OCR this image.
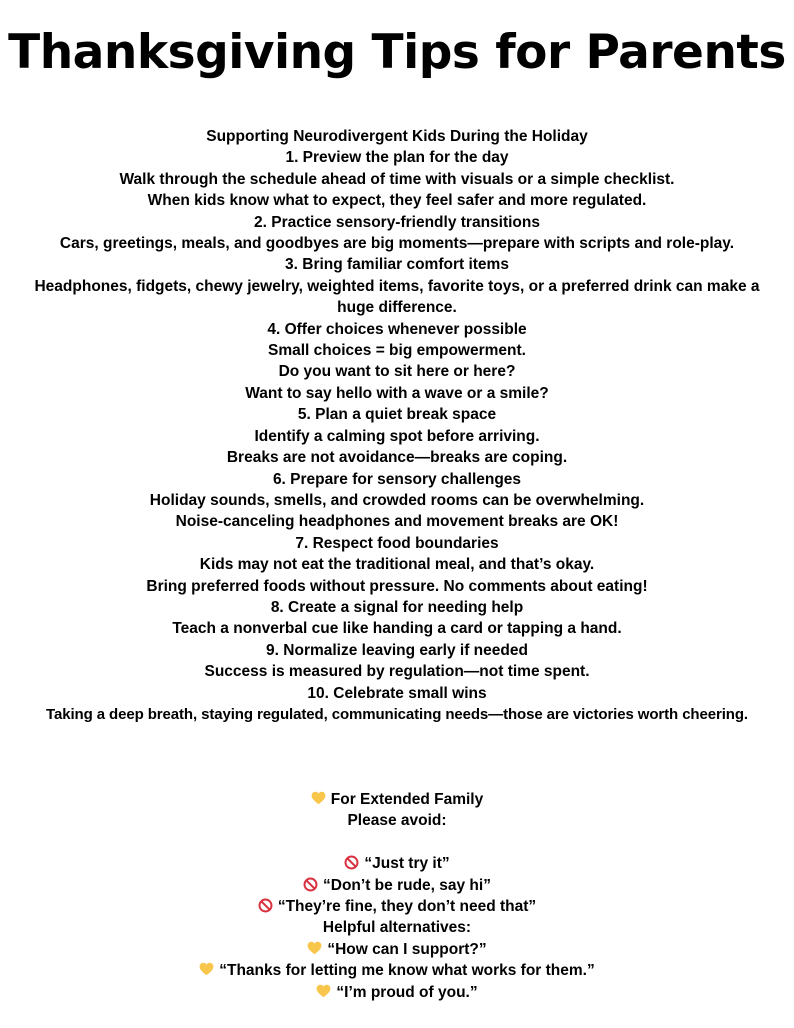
Thanksgiving Tips for Parents
Supporting Neurodivergent Kids During the Holiday
1. Preview the plan for the day
Walk through the schedule ahead of time with visuals or a simple checklist.
When kids know what to expect, they feel safer and more regulated.
2. Practice sensory-friendly transitions
Cars, greetings, meals, and goodbyes are big moments—prepare with scripts and role-play.
3. Bring familiar comfort items
Headphones, fidgets, chewy jewelry, weighted items, favorite toys, or a preferred drink can make a huge difference.
4. Offer choices whenever possible
Small choices = big empowerment.
Do you want to sit here or here?
Want to say hello with a wave or a smile?
5. Plan a quiet break space
Identify a calming spot before arriving.
Breaks are not avoidance—breaks are coping.
6. Prepare for sensory challenges
Holiday sounds, smells, and crowded rooms can be overwhelming.
Noise-canceling headphones and movement breaks are OK!
7. Respect food boundaries
Kids may not eat the traditional meal, and that’s okay.
Bring preferred foods without pressure. No comments about eating!
8. Create a signal for needing help
Teach a nonverbal cue like handing a card or tapping a hand.
9. Normalize leaving early if needed
Success is measured by regulation—not time spent.
10. Celebrate small wins
Taking a deep breath, staying regulated, communicating needs—those are victories worth cheering.
For Extended Family
Please avoid:
“Just try it”
“Don’t be rude, say hi”
“They’re fine, they don’t need that”
Helpful alternatives:
“How can I support?”
“Thanks for letting me know what works for them.”
“I’m proud of you.”
